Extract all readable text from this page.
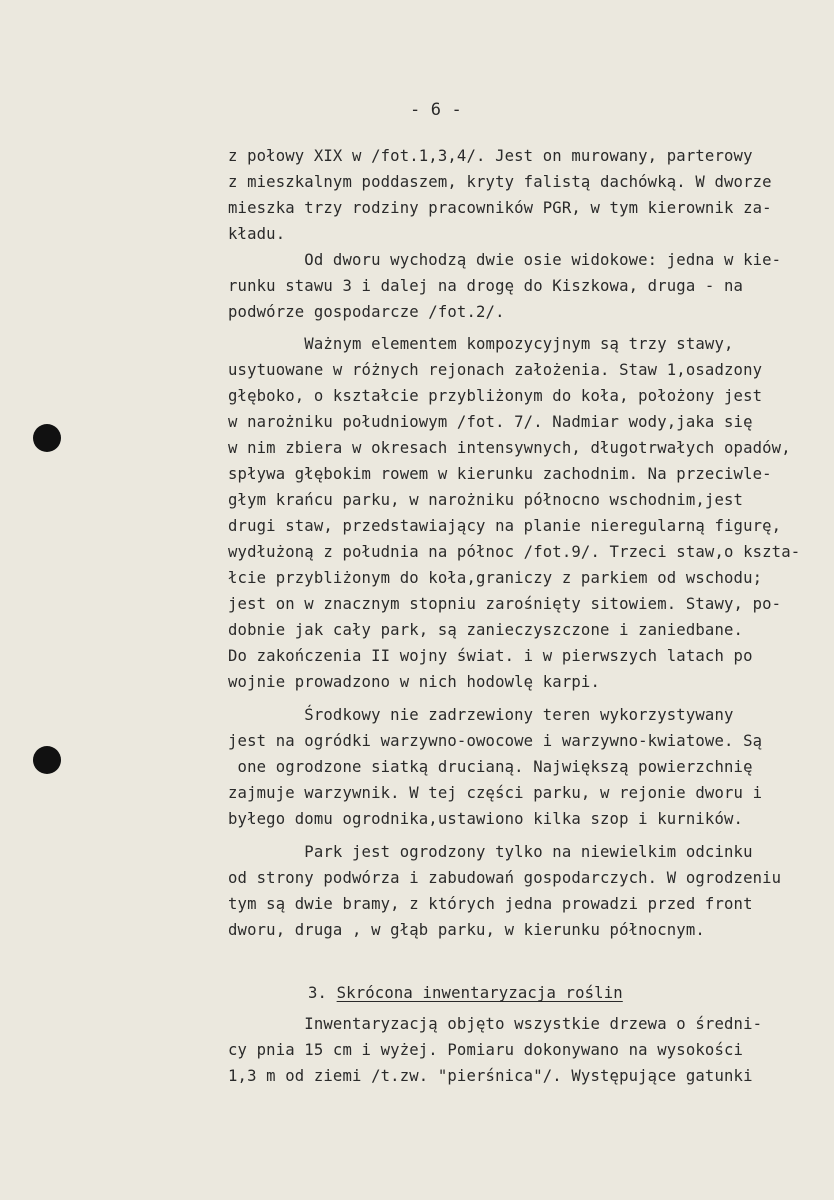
- 6 -
z połowy XIX w /fot.1,3,4/. Jest on murowany, parterowy
z mieszkalnym poddaszem, kryty falistą dachówką. W dworze
mieszka trzy rodziny pracowników PGR, w tym kierownik za-
kładu.
Od dworu wychodzą dwie osie widokowe: jedna w kie-
runku stawu 3 i dalej na drogę do Kiszkowa, druga - na
podwórze gospodarcze /fot.2/.
Ważnym elementem kompozycyjnym są trzy stawy,
usytuowane w różnych rejonach założenia. Staw 1,osadzony
głęboko, o kształcie przybliżonym do koła, położony jest
w narożniku południowym /fot. 7/. Nadmiar wody,jaka się
w nim zbiera w okresach intensywnych, długotrwałych opadów,
spływa głębokim rowem w kierunku zachodnim. Na przeciwle-
głym krańcu parku, w narożniku północno wschodnim,jest
drugi staw, przedstawiający na planie nieregularną figurę,
wydłużoną z południa na północ /fot.9/. Trzeci staw,o kszta-
łcie przybliżonym do koła,graniczy z parkiem od wschodu;
jest on w znacznym stopniu zarośnięty sitowiem. Stawy, po-
dobnie jak cały park, są zanieczyszczone i zaniedbane.
Do zakończenia II wojny świat. i w pierwszych latach po
wojnie prowadzono w nich hodowlę karpi.
Środkowy nie zadrzewiony teren wykorzystywany
jest na ogródki warzywno-owocowe i warzywno-kwiatowe. Są
one ogrodzone siatką drucianą. Największą powierzchnię
zajmuje warzywnik. W tej części parku, w rejonie dworu i
byłego domu ogrodnika,ustawiono kilka szop i kurników.
Park jest ogrodzony tylko na niewielkim odcinku
od strony podwórza i zabudowań gospodarczych. W ogrodzeniu
tym są dwie bramy, z których jedna prowadzi przed front
dworu, druga , w głąb parku, w kierunku północnym.
3. Skrócona inwentaryzacja roślin
Inwentaryzacją objęto wszystkie drzewa o średni-
cy pnia 15 cm i wyżej. Pomiaru dokonywano na wysokości
1,3 m od ziemi /t.zw. "pierśnica"/. Występujące gatunki
